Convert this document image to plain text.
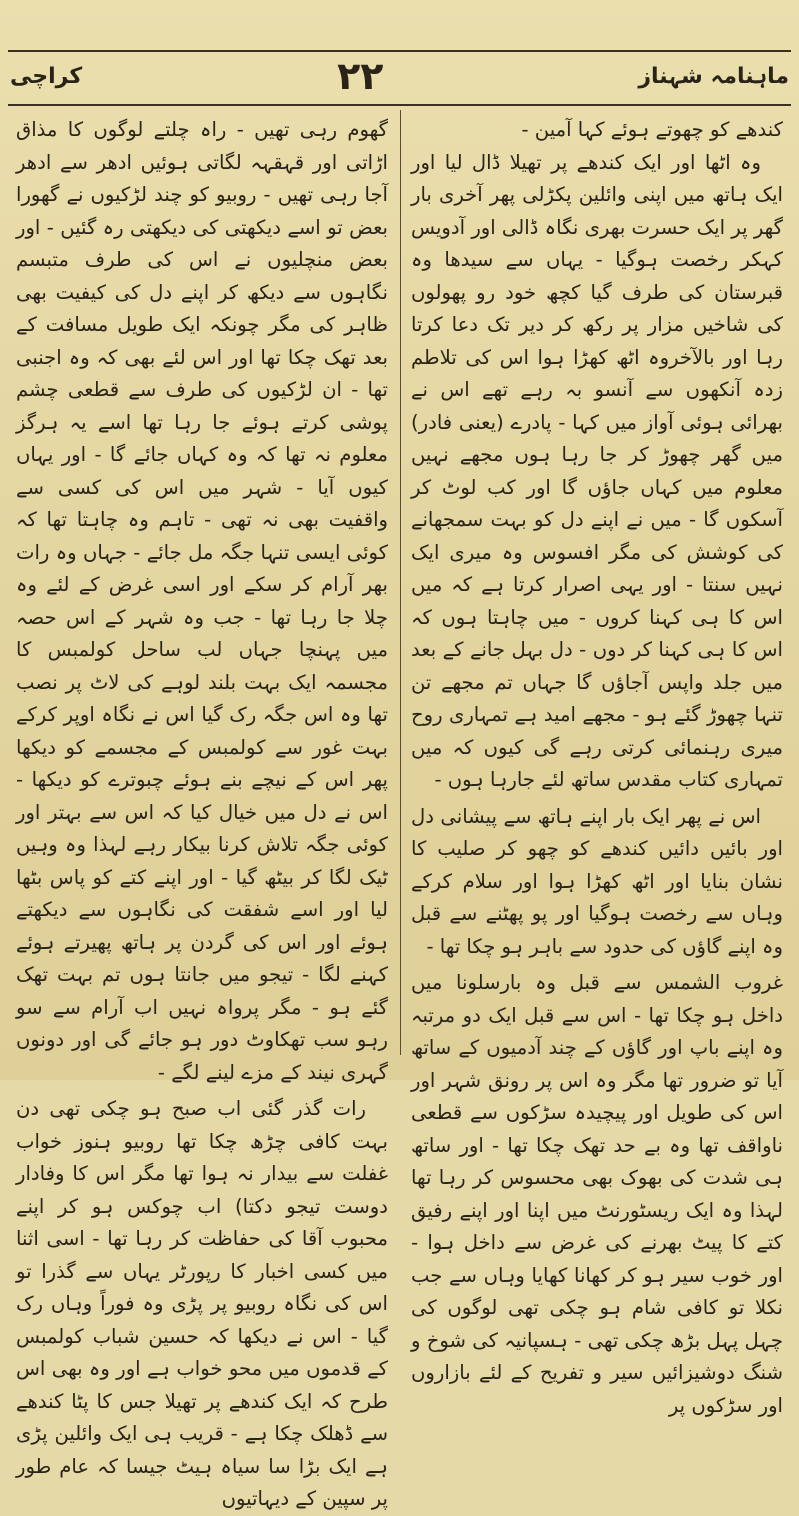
ماہنامہ شہناز
۲۲
کراچی

کندھے کو چھوتے ہوئے کہا آمین -

وہ اٹھا اور ایک کندھے پر تھیلا ڈال لیا اور ایک ہاتھ میں اپنی وائلین پکڑلی پھر آخری بار گھر پر ایک حسرت بھری نگاہ ڈالی اور آدویس کہکر رخصت ہوگیا - یہاں سے سیدھا وہ قبرستان کی طرف گیا کچھ خود رو پھولوں کی شاخیں مزار پر رکھ کر دیر تک دعا کرتا رہا اور بالآخروہ اٹھ کھڑا ہوا اس کی تلاطم زدہ آنکھوں سے آنسو بہ رہے تھے اس نے بھرائی ہوئی آواز میں کہا - پادرے (یعنی فادر) میں گھر چھوڑ کر جا رہا ہوں مجھے نہیں معلوم میں کہاں جاؤں گا اور کب لوٹ کر آسکوں گا - میں نے اپنے دل کو بہت سمجھانے کی کوشش کی مگر افسوس وہ میری ایک نہیں سنتا - اور یہی اصرار کرتا ہے کہ میں اس کا ہی کہنا کروں - میں چاہتا ہوں کہ اس کا ہی کہنا کر دوں - دل بہل جانے کے بعد میں جلد واپس آجاؤں گا جہاں تم مجھے تن تنہا چھوڑ گئے ہو - مجھے امید ہے تمہاری روح میری رہنمائی کرتی رہے گی کیوں کہ میں تمہاری کتاب مقدس ساتھ لئے جارہا ہوں -

اس نے پھر ایک بار اپنے ہاتھ سے پیشانی دل اور بائیں دائیں کندھے کو چھو کر صلیب کا نشان بنایا اور اٹھ کھڑا ہوا اور سلام کرکے وہاں سے رخصت ہوگیا اور پو پھٹنے سے قبل وہ اپنے گاؤں کی حدود سے باہر ہو چکا تھا -

غروب الشمس سے قبل وہ بارسلونا میں داخل ہو چکا تھا - اس سے قبل ایک دو مرتبہ وہ اپنے باپ اور گاؤں کے چند آدمیوں کے ساتھ آیا تو ضرور تھا مگر وہ اس پر رونق شہر اور اس کی طویل اور پیچیدہ سڑکوں سے قطعی ناواقف تھا وہ بے حد تھک چکا تھا - اور ساتھ ہی شدت کی بھوک بھی محسوس کر رہا تھا لہذا وہ ایک ریسٹورنٹ میں اپنا اور اپنے رفیق کتے کا پیٹ بھرنے کی غرض سے داخل ہوا - اور خوب سیر ہو کر کھانا کھایا وہاں سے جب نکلا تو کافی شام ہو چکی تھی لوگوں کی چہل پہل بڑھ چکی تھی - ہسپانیہ کی شوخ و شنگ دوشیزائیں سیر و تفریح کے لئے بازاروں اور سڑکوں پر

گھوم رہی تھیں - راہ چلتے لوگوں کا مذاق اڑاتی اور قہقہہ لگاتی ہوئیں ادھر سے ادھر آجا رہی تھیں - روبیو کو چند لڑکیوں نے گھورا بعض تو اسے دیکھتی کی دیکھتی رہ گئیں - اور بعض منچلیوں نے اس کی طرف متبسم نگاہوں سے دیکھ کر اپنے دل کی کیفیت بھی ظاہر کی مگر چونکہ ایک طویل مسافت کے بعد تھک چکا تھا اور اس لئے بھی کہ وہ اجنبی تھا - ان لڑکیوں کی طرف سے قطعی چشم پوشی کرتے ہوئے جا رہا تھا اسے یہ ہرگز معلوم نہ تھا کہ وہ کہاں جائے گا - اور یہاں کیوں آیا - شہر میں اس کی کسی سے واقفیت بھی نہ تھی - تاہم وہ چاہتا تھا کہ کوئی ایسی تنہا جگہ مل جائے - جہاں وہ رات بھر آرام کر سکے اور اسی غرض کے لئے وہ چلا جا رہا تھا - جب وہ شہر کے اس حصہ میں پہنچا جہاں لب ساحل کولمبس کا مجسمہ ایک بہت بلند لوہے کی لاٹ پر نصب تھا وہ اس جگہ رک گیا اس نے نگاہ اوپر کرکے بہت غور سے کولمبس کے مجسمے کو دیکھا پھر اس کے نیچے بنے ہوئے چبوترے کو دیکھا - اس نے دل میں خیال کیا کہ اس سے بہتر اور کوئی جگہ تلاش کرنا بیکار رہے لہذا وہ وہیں ٹیک لگا کر بیٹھ گیا - اور اپنے کتے کو پاس بٹھا لیا اور اسے شفقت کی نگاہوں سے دیکھتے ہوئے اور اس کی گردن پر ہاتھ پھیرتے ہوئے کہنے لگا - تیجو میں جانتا ہوں تم بہت تھک گئے ہو - مگر پرواہ نہیں اب آرام سے سو رہو سب تھکاوٹ دور ہو جائے گی اور دونوں گہری نیند کے مزے لینے لگے -

رات گذر گئی اب صبح ہو چکی تھی دن بہت کافی چڑھ چکا تھا روبیو ہنوز خواب غفلت سے بیدار نہ ہوا تھا مگر اس کا وفادار دوست تیجو دکتا) اب چوکس ہو کر اپنے محبوب آقا کی حفاظت کر رہا تھا - اسی اثنا میں کسی اخبار کا رپورٹر یہاں سے گذرا تو اس کی نگاہ روبیو پر پڑی وہ فوراً وہاں رک گیا - اس نے دیکھا کہ حسین شباب کولمبس کے قدموں میں محو خواب ہے اور وہ بھی اس طرح کہ ایک کندھے پر تھیلا جس کا پٹا کندھے سے ڈھلک چکا ہے - قریب ہی ایک وائلین پڑی ہے ایک بڑا سا سیاہ ہیٹ جیسا کہ عام طور پر سپین کے دیہاتیوں
